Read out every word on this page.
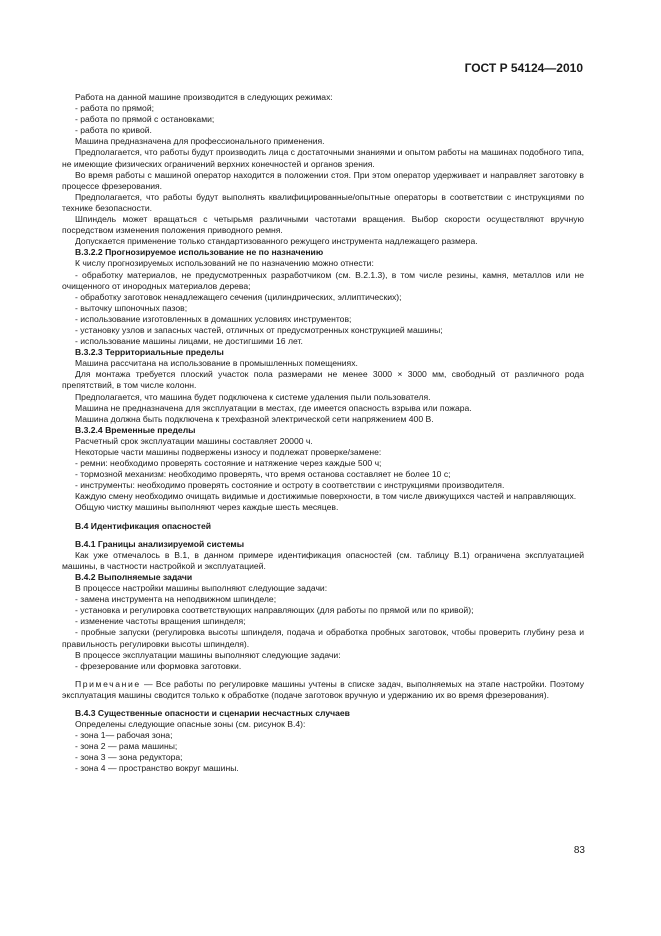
ГОСТ Р 54124—2010

Работа на данной машине производится в следующих режимах:

- работа по прямой;

- работа по прямой с остановками;

- работа по кривой.

Машина предназначена для профессионального применения.

Предполагается, что работы будут производить лица с достаточными знаниями и опытом работы на машинах подобного типа, не имеющие физических ограничений верхних конечностей и органов зрения.

Во время работы с машиной оператор находится в положении стоя. При этом оператор удерживает и направляет заготовку в процессе фрезерования.

Предполагается, что работы будут выполнять квалифицированные/опытные операторы в соответствии с инструкциями по технике безопасности.

Шпиндель может вращаться с четырьмя различными частотами вращения. Выбор скорости осуществляют вручную посредством изменения положения приводного ремня.

Допускается применение только стандартизованного режущего инструмента надлежащего размера.

В.3.2.2 Прогнозируемое использование не по назначению

К числу прогнозируемых использований не по назначению можно отнести:

- обработку материалов, не предусмотренных разработчиком (см. В.2.1.3), в том числе резины, камня, металлов или не очищенного от инородных материалов дерева;

- обработку заготовок ненадлежащего сечения (цилиндрических, эллиптических);

- выточку шпоночных пазов;

- использование изготовленных в домашних условиях инструментов;

- установку узлов и запасных частей, отличных от предусмотренных конструкцией машины;

- использование машины лицами, не достигшими 16 лет.

В.3.2.3 Территориальные пределы

Машина рассчитана на использование в промышленных помещениях.

Для монтажа требуется плоский участок пола размерами не менее 3000 × 3000 мм, свободный от различного рода препятствий, в том числе колонн.

Предполагается, что машина будет подключена к системе удаления пыли пользователя.

Машина не предназначена для эксплуатации в местах, где имеется опасность взрыва или пожара.

Машина должна быть подключена к трехфазной электрической сети напряжением 400 В.

В.3.2.4 Временные пределы

Расчетный срок эксплуатации машины составляет 20000 ч.

Некоторые части машины подвержены износу и подлежат проверке/замене:

- ремни: необходимо проверять состояние и натяжение через каждые 500 ч;

- тормозной механизм: необходимо проверять, что время останова составляет не более 10 с;

- инструменты: необходимо проверять состояние и остроту в соответствии с инструкциями производителя.

Каждую смену необходимо очищать видимые и достижимые поверхности, в том числе движущихся частей и направляющих.

Общую чистку машины выполняют через каждые шесть месяцев.

В.4 Идентификация опасностей

В.4.1 Границы анализируемой системы

Как уже отмечалось в В.1, в данном примере идентификация опасностей (см. таблицу В.1) ограничена эксплуатацией машины, в частности настройкой и эксплуатацией.

В.4.2 Выполняемые задачи

В процессе настройки машины выполняют следующие задачи:

- замена инструмента на неподвижном шпинделе;

- установка и регулировка соответствующих направляющих (для работы по прямой или по кривой);

- изменение частоты вращения шпинделя;

- пробные запуски (регулировка высоты шпинделя, подача и обработка пробных заготовок, чтобы проверить глубину реза и правильность регулировки высоты шпинделя).

В процессе эксплуатации машины выполняют следующие задачи:

- фрезерование или формовка заготовки.

Примечание — Все работы по регулировке машины учтены в списке задач, выполняемых на этапе настройки. Поэтому эксплуатация машины сводится только к обработке (подаче заготовок вручную и удержанию их во время фрезерования).

В.4.3 Существенные опасности и сценарии несчастных случаев

Определены следующие опасные зоны (см. рисунок В.4):

- зона 1— рабочая зона;

- зона 2 — рама машины;

- зона 3 — зона редуктора;

- зона 4 — пространство вокруг машины.

83
